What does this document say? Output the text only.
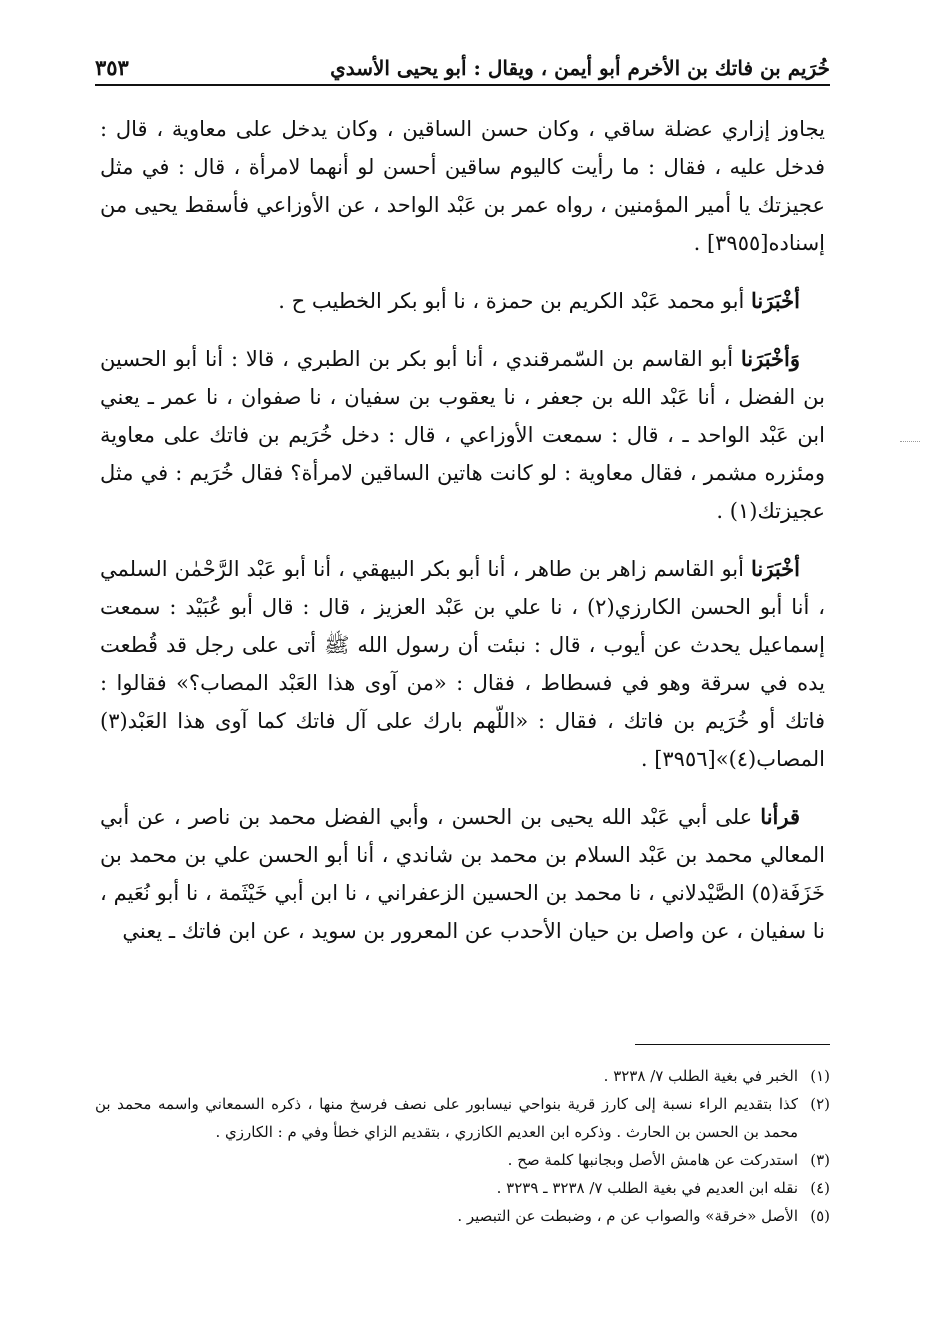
خُرَيم بن فاتك بن الأخرم أبو أيمن ، ويقال : أبو يحيى الأسدي
٣٥٣

يجاوز إزاري عضلة ساقي ، وكان حسن الساقين ، وكان يدخل على معاوية ، قال : فدخل عليه ، فقال : ما رأيت كاليوم ساقين أحسن لو أنهما لامرأة ، قال : في مثل عجيزتك يا أمير المؤمنين ، رواه عمر بن عَبْد الواحد ، عن الأوزاعي فأسقط يحيى من إسناده[٣٩٥٥] .

أخْبَرَنا أبو محمد عَبْد الكريم بن حمزة ، نا أبو بكر الخطيب ح .

وَأخْبَرَنا أبو القاسم بن السّمرقندي ، أنا أبو بكر بن الطبري ، قالا : أنا أبو الحسين بن الفضل ، أنا عَبْد الله بن جعفر ، نا يعقوب بن سفيان ، نا صفوان ، نا عمر ـ يعني ابن عَبْد الواحد ـ ، قال : سمعت الأوزاعي ، قال : دخل خُرَيم بن فاتك على معاوية ومئزره مشمر ، فقال معاوية : لو كانت هاتين الساقين لامرأة؟ فقال خُرَيم : في مثل عجيزتك(١) .

أخْبَرَنا أبو القاسم زاهر بن طاهر ، أنا أبو بكر البيهقي ، أنا أبو عَبْد الرَّحْمٰن السلمي ، أنا أبو الحسن الكارزي(٢) ، نا علي بن عَبْد العزيز ، قال : قال أبو عُبَيْد : سمعت إسماعيل يحدث عن أيوب ، قال : نبئت أن رسول الله ﷺ أتى على رجل قد قُطعت يده في سرقة وهو في فسطاط ، فقال : «من آوى هذا العَبْد المصاب؟» فقالوا : فاتك أو خُرَيم بن فاتك ، فقال : «اللّهم بارك على آل فاتك كما آوى هذا العَبْد(٣) المصاب(٤)»[٣٩٥٦] .

قرأنا على أبي عَبْد الله يحيى بن الحسن ، وأبي الفضل محمد بن ناصر ، عن أبي المعالي محمد بن عَبْد السلام بن محمد بن شاندي ، أنا أبو الحسن علي بن محمد بن خَزَفَة(٥) الصَّيْدلاني ، نا محمد بن الحسين الزعفراني ، نا ابن أبي خَيْثَمة ، نا أبو نُعَيم ، نا سفيان ، عن واصل بن حيان الأحدب عن المعرور بن سويد ، عن ابن فاتك ـ يعني

(١)
الخبر في بغية الطلب ٧/ ٣٢٣٨ .
(٢)
كذا بتقديم الراء نسبة إلى كارز قرية بنواحي نيسابور على نصف فرسخ منها ، ذكره السمعاني واسمه محمد بن محمد بن الحسن بن الحارث . وذكره ابن العديم الكازري ، بتقديم الزاي خطأ وفي م : الكارزي .
(٣)
استدركت عن هامش الأصل وبجانبها كلمة صح .
(٤)
نقله ابن العديم في بغية الطلب ٧/ ٣٢٣٨ ـ ٣٢٣٩ .
(٥)
الأصل «خرقة» والصواب عن م ، وضبطت عن التبصير .
